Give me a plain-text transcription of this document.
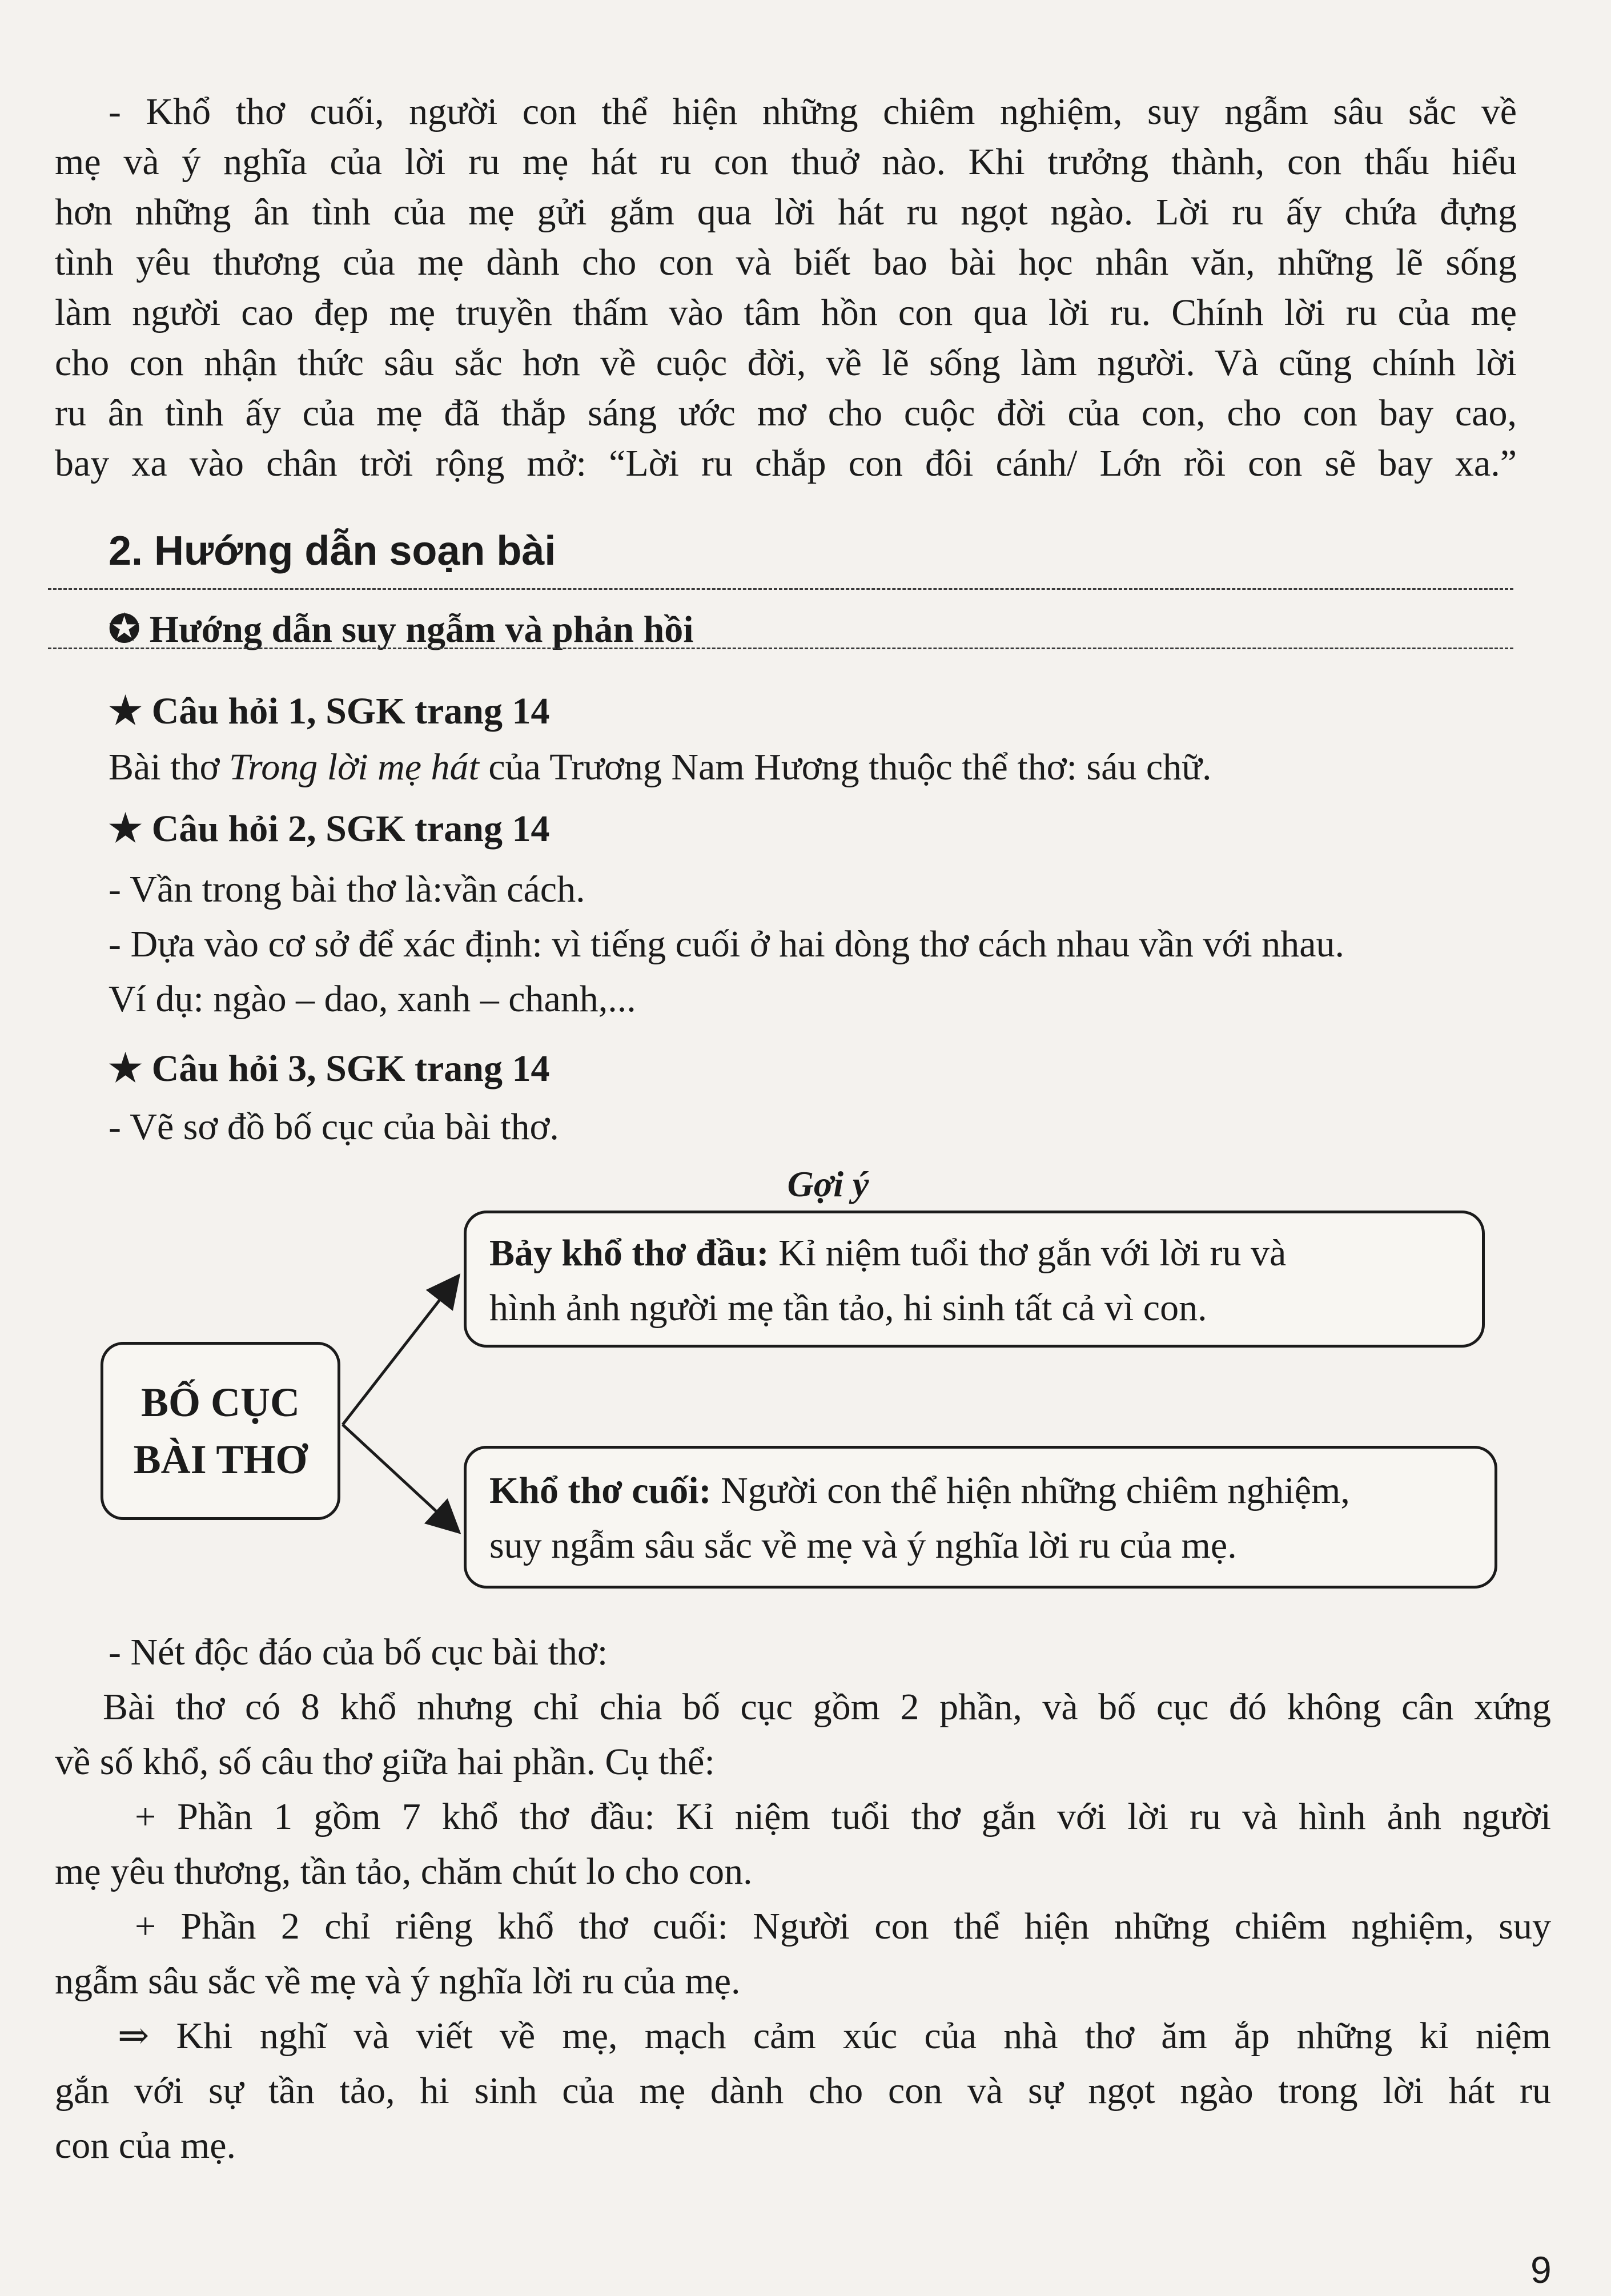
- Khổ thơ cuối, người con thể hiện những chiêm nghiệm, suy ngẫm sâu sắc về

mẹ và ý nghĩa của lời ru mẹ hát ru con thuở nào. Khi trưởng thành, con thấu hiểu

hơn những ân tình của mẹ gửi gắm qua lời hát ru ngọt ngào. Lời ru ấy chứa đựng

tình yêu thương của mẹ dành cho con và biết bao bài học nhân văn, những lẽ sống

làm người cao đẹp mẹ truyền thấm vào tâm hồn con qua lời ru. Chính lời ru của mẹ

cho con nhận thức sâu sắc hơn về cuộc đời, về lẽ sống làm người. Và cũng chính lời

ru ân tình ấy của mẹ đã thắp sáng ước mơ cho cuộc đời của con, cho con bay cao,

bay xa vào chân trời rộng mở: “Lời ru chắp con đôi cánh/ Lớn rồi con sẽ bay xa.”

2. Hướng dẫn soạn bài
✪ Hướng dẫn suy ngẫm và phản hồi
★ Câu hỏi 1, SGK trang 14
Bài thơ Trong lời mẹ hát của Trương Nam Hương thuộc thể thơ: sáu chữ.
★ Câu hỏi 2, SGK trang 14

- Vần trong bài thơ là:vần cách.

- Dựa vào cơ sở để xác định: vì tiếng cuối ở hai dòng thơ cách nhau vần với nhau.

Ví dụ: ngào – dao, xanh – chanh,...

★ Câu hỏi 3, SGK trang 14
- Vẽ sơ đồ bố cục của bài thơ.
Gợi ý
BỐ CỤC
BÀI THƠ
Bảy khổ thơ đầu: Kỉ niệm tuổi thơ gắn với lời ru và
hình ảnh người mẹ tần tảo, hi sinh tất cả vì con.
Khổ thơ cuối: Người con thể hiện những chiêm nghiệm,
suy ngẫm sâu sắc về mẹ và ý nghĩa lời ru của mẹ.

- Nét độc đáo của bố cục bài thơ:

Bài thơ có 8 khổ nhưng chỉ chia bố cục gồm 2 phần, và bố cục đó không cân xứng

về số khổ, số câu thơ giữa hai phần. Cụ thể:

+ Phần 1 gồm 7 khổ thơ đầu: Kỉ niệm tuổi thơ gắn với lời ru và hình ảnh người

mẹ yêu thương, tần tảo, chăm chút lo cho con.

+ Phần 2 chỉ riêng khổ thơ cuối: Người con thể hiện những chiêm nghiệm, suy

ngẫm sâu sắc về mẹ và ý nghĩa lời ru của mẹ.

⇒ Khi nghĩ và viết về mẹ, mạch cảm xúc của nhà thơ ăm ắp những kỉ niệm

gắn với sự tần tảo, hi sinh của mẹ dành cho con và sự ngọt ngào trong lời hát ru

con của mẹ.

9
